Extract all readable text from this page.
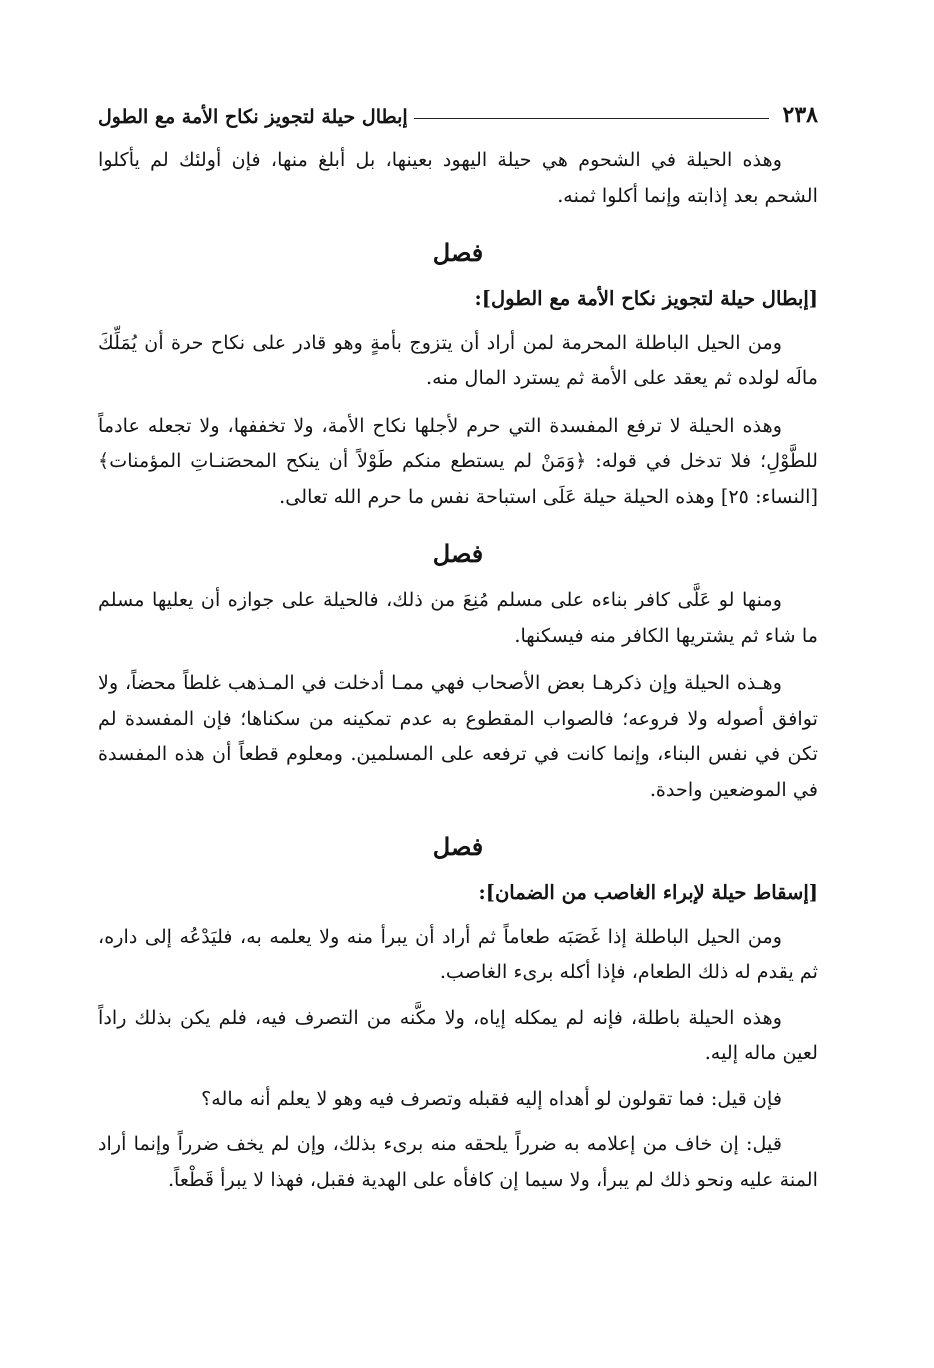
٢٣٨
إبطال حيلة لتجويز نكاح الأمة مع الطول

وهذه الحيلة في الشحوم هي حيلة اليهود بعينها، بل أبلغ منها، فإن أولئك لم يأكلوا الشحم بعد إذابته وإنما أكلوا ثمنه.

فصل

[إبطال حيلة لتجويز نكاح الأمة مع الطول]:

ومن الحيل الباطلة المحرمة لمن أراد أن يتزوج بأمةٍ وهو قادر على نكاح حرة أن يُمَلِّكَ مالَه لولده ثم يعقد على الأمة ثم يسترد المال منه.

وهذه الحيلة لا ترفع المفسدة التي حرم لأجلها نكاح الأمة، ولا تخففها، ولا تجعله عادماً للطَّوْلِ؛ فلا تدخل في قوله: ﴿وَمَنْ لم يستطع منكم طَوْلاً أن ينكح المحصَنـاتِ المؤمنات﴾ [النساء: ٢٥] وهذه الحيلة حيلة عَلَى استباحة نفس ما حرم الله تعالى.

فصل

ومنها لو عَلَّى كافر بناءه على مسلم مُنِعَ من ذلك، فالحيلة على جوازه أن يعليها مسلم ما شاء ثم يشتريها الكافر منه فيسكنها.

وهـذه الحيلة وإن ذكرهـا بعض الأصحاب فهي ممـا أدخلت في المـذهب غلطاً محضاً، ولا توافق أصوله ولا فروعه؛ فالصواب المقطوع به عدم تمكينه من سكناها؛ فإن المفسدة لم تكن في نفس البناء، وإنما كانت في ترفعه على المسلمين. ومعلوم قطعاً أن هذه المفسدة في الموضعين واحدة.

فصل

[إسقاط حيلة لإبراء الغاصب من الضمان]:

ومن الحيل الباطلة إذا غَصَبَه طعاماً ثم أراد أن يبرأ منه ولا يعلمه به، فليَدْعُه إلى داره، ثم يقدم له ذلك الطعام، فإذا أكله برىء الغاصب.

وهذه الحيلة باطلة، فإنه لم يمكله إياه، ولا مكَّنه من التصرف فيه، فلم يكن بذلك راداً لعين ماله إليه.

فإن قيل: فما تقولون لو أهداه إليه فقبله وتصرف فيه وهو لا يعلم أنه ماله؟

قيل: إن خاف من إعلامه به ضرراً يلحقه منه برىء بذلك، وإن لم يخف ضرراً وإنما أراد المنة عليه ونحو ذلك لم يبرأ، ولا سيما إن كافأه على الهدية فقبل، فهذا لا يبرأ قَطْعاً.
